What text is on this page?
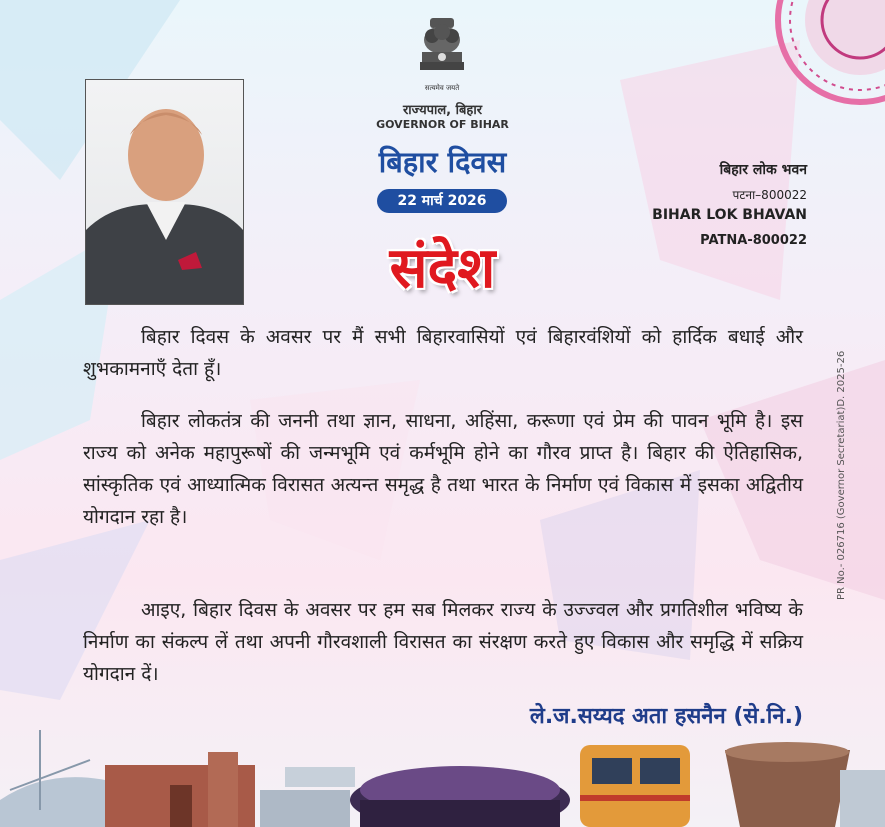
सत्यमेव जयते
राज्यपाल, बिहार
GOVERNOR OF BIHAR
बिहार दिवस
22 मार्च 2026
संदेश
बिहार लोक भवन
पटना–800022
BIHAR LOK BHAVAN
PATNA-800022

बिहार दिवस के अवसर पर मैं सभी बिहारवासियों एवं बिहारवंशियों को हार्दिक बधाई और शुभकामनाएँ देता हूँ।

बिहार लोकतंत्र की जननी तथा ज्ञान, साधना, अहिंसा, करूणा एवं प्रेम की पावन भूमि है। इस राज्य को अनेक महापुरूषों की जन्मभूमि एवं कर्मभूमि होने का गौरव प्राप्त है। बिहार की ऐतिहासिक, सांस्कृतिक एवं आध्यात्मिक विरासत अत्यन्त समृद्ध है तथा भारत के निर्माण एवं विकास में इसका अद्वितीय योगदान रहा है।

आइए, बिहार दिवस के अवसर पर हम सब मिलकर राज्य के उज्ज्वल और प्रगतिशील भविष्य के निर्माण का संकल्प लें तथा अपनी गौरवशाली विरासत का संरक्षण करते हुए विकास और समृद्धि में सक्रिय योगदान दें।

ले.ज.सय्यद अता हसनैन (से.नि.)
PR No.- 026716 (Governor Secretariat)D. 2025-26
